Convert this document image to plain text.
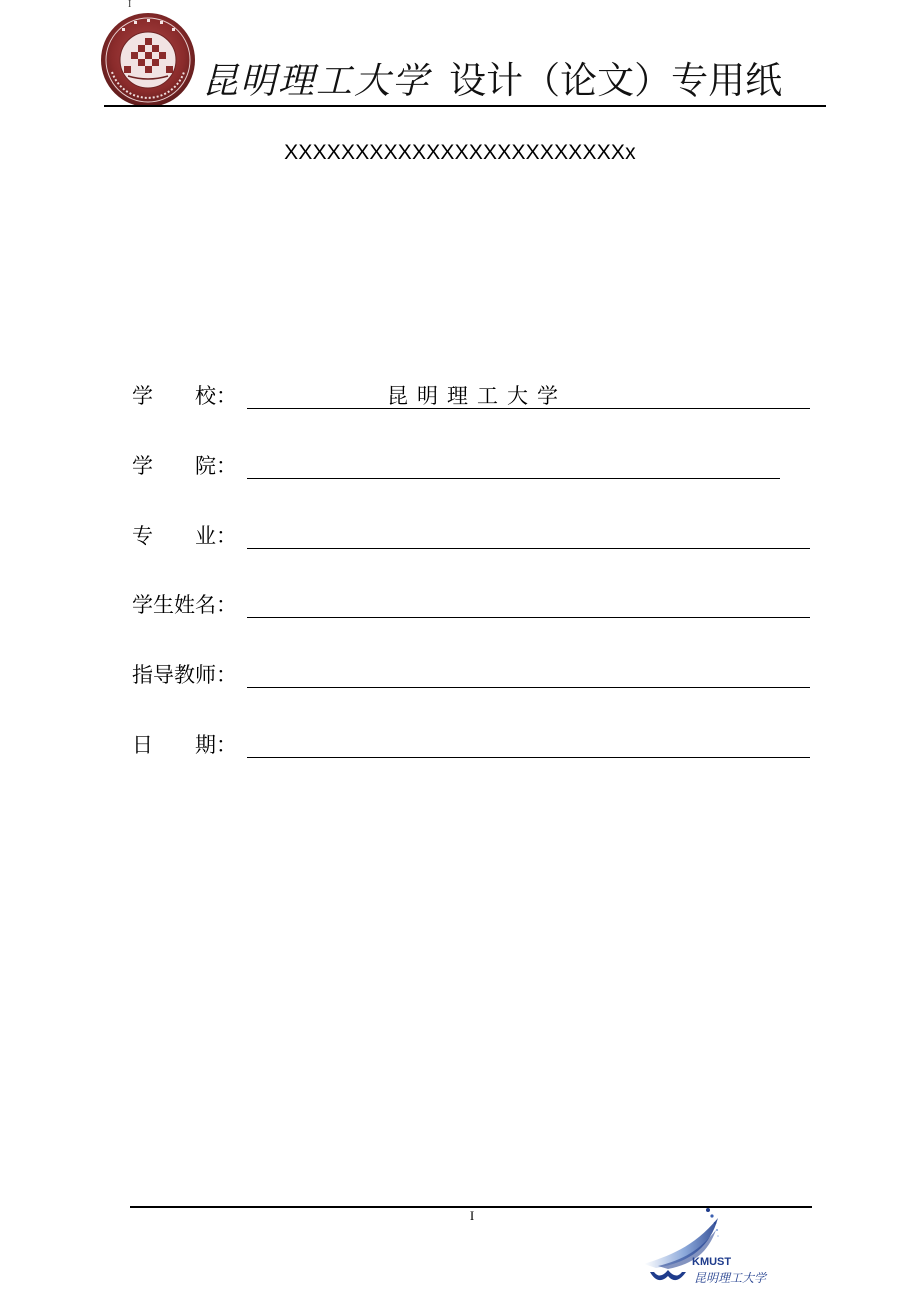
I
昆明理工大学 设计（论文）专用纸
XXXXXXXXXXXXXXXXXXXXXXXXx
学　　校：	昆明理工大学
学　　院：
专　　业：
学生姓名：
指导教师：
日　　期：
I
KMUST
昆明理工大学
